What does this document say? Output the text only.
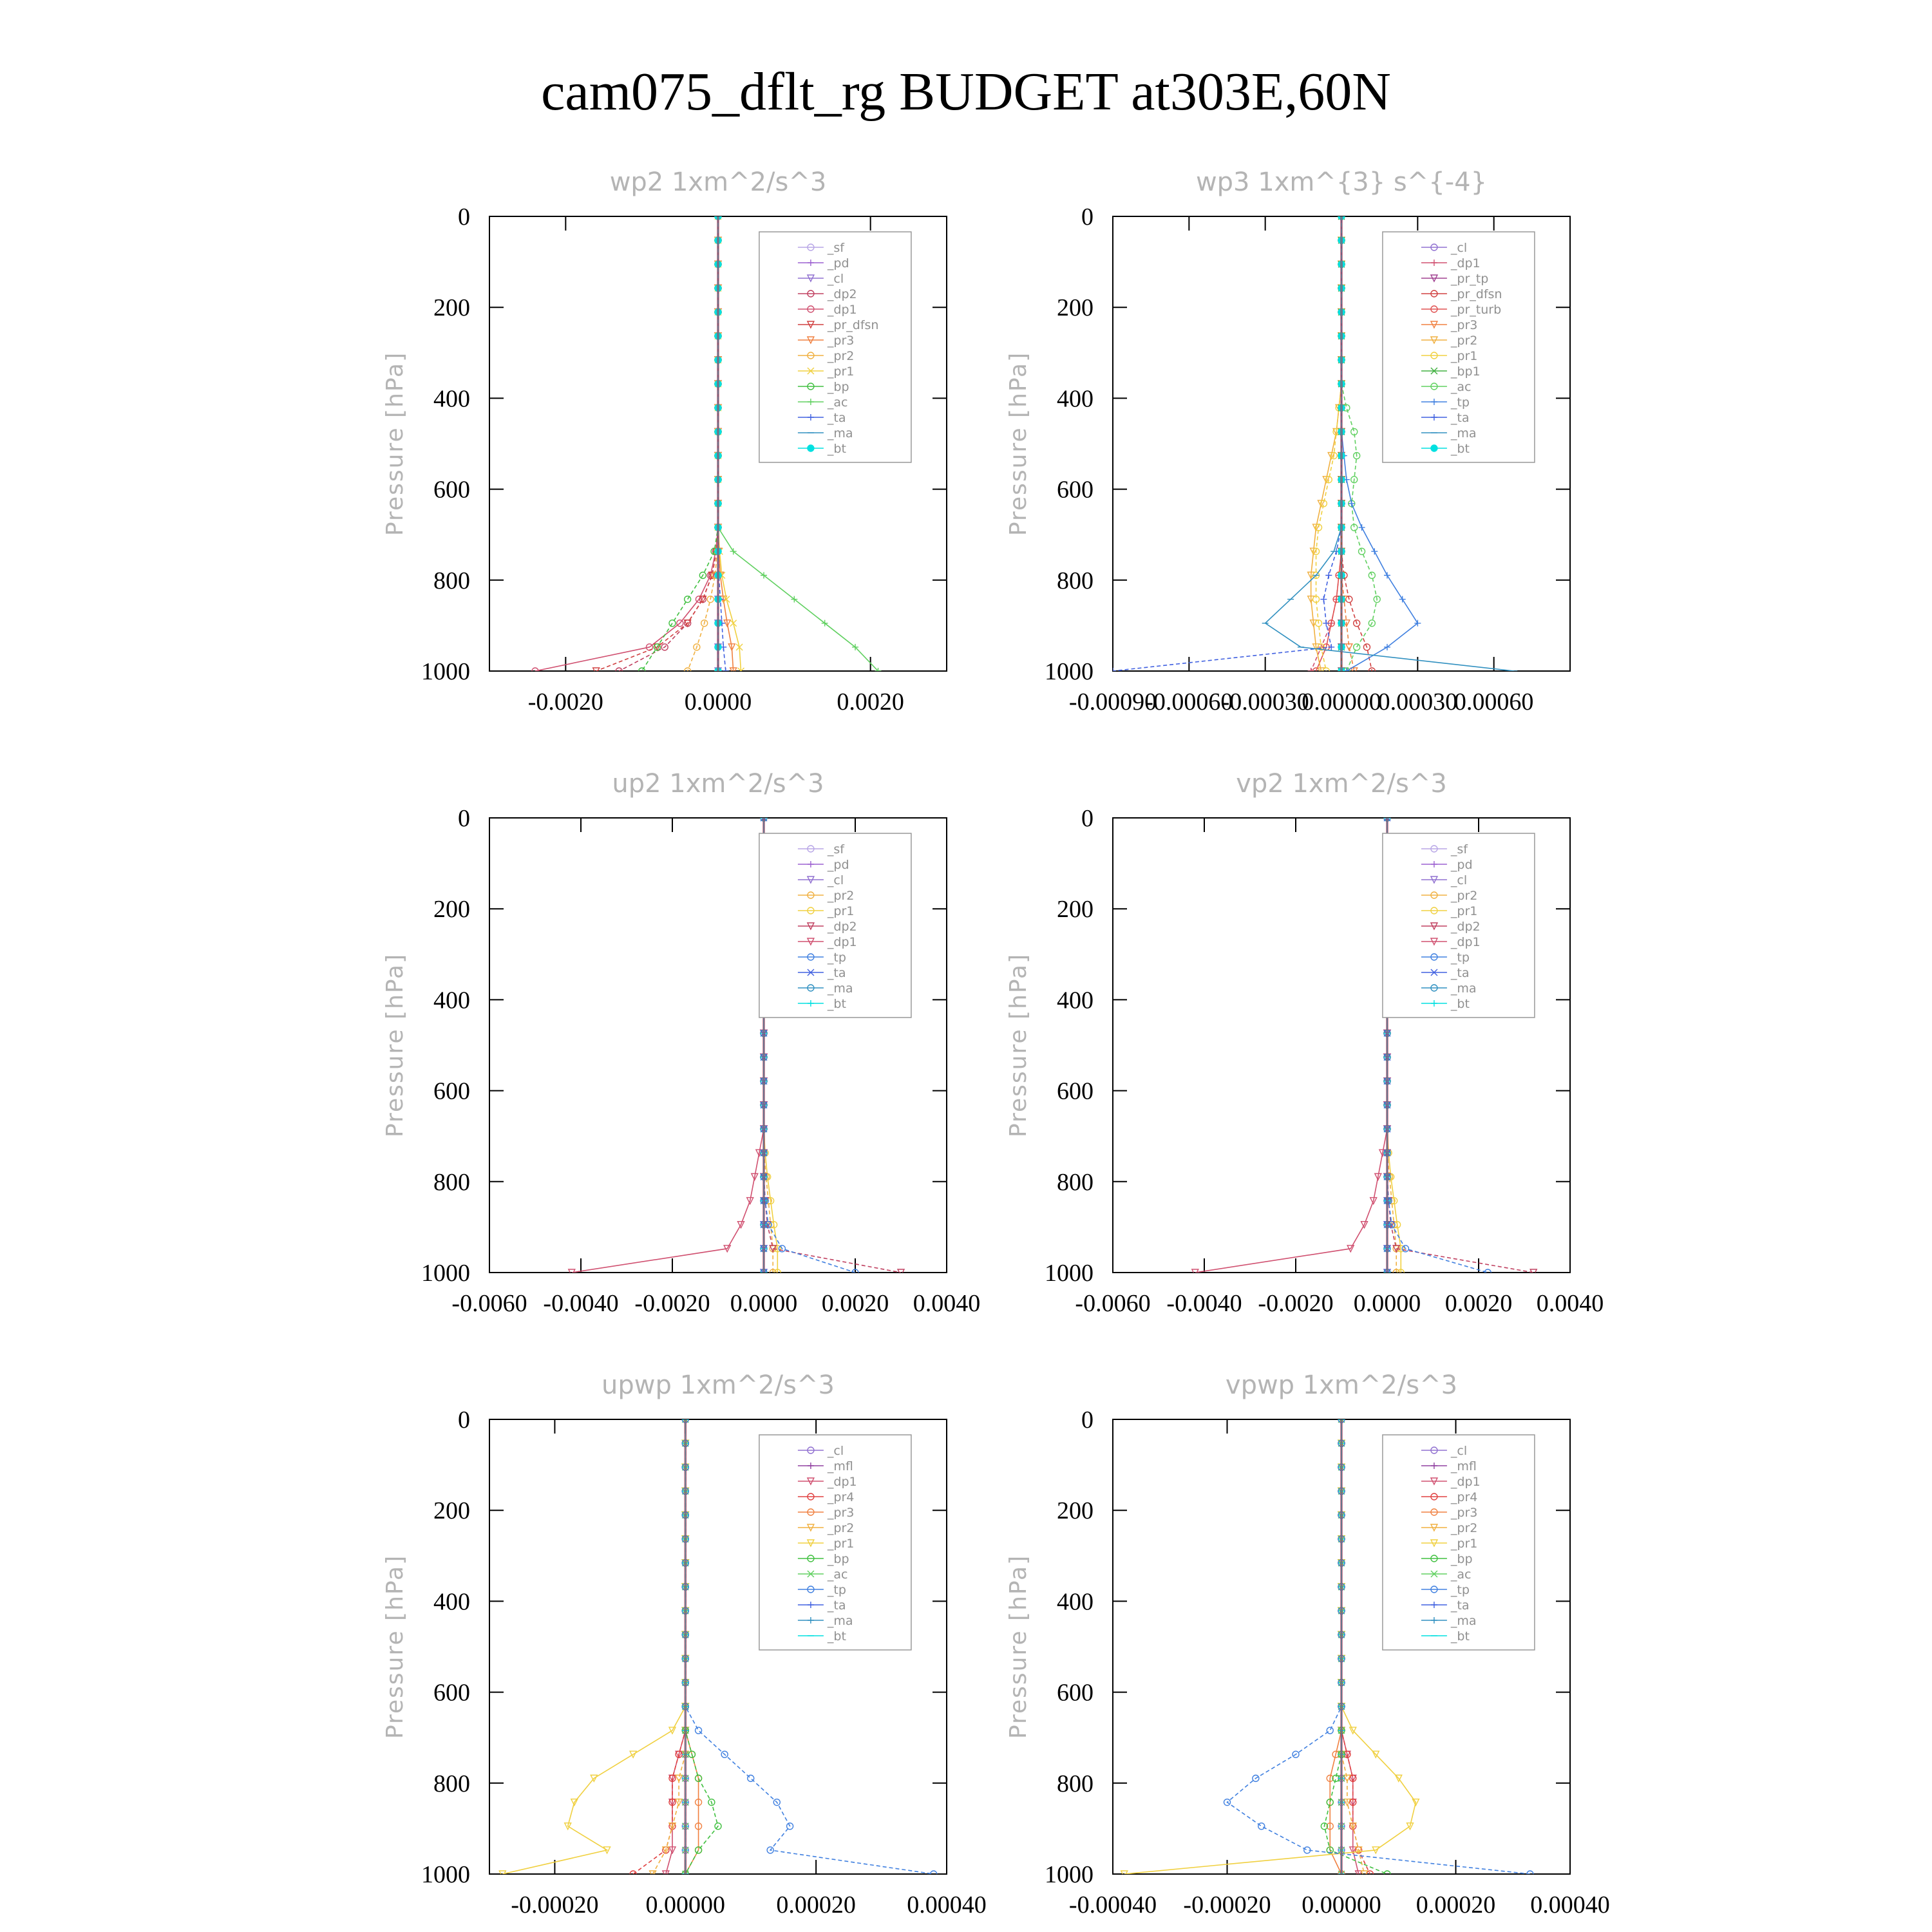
cam075_dflt_rg BUDGET at303E,60N
wp2 1xm^2/s^3
Pressure [hPa]
0
200
400
600
800
1000
-0.0020	0.0000	0.0020
_sf
_pd
_cl
_dp2
_dp1
_pr_dfsn
_pr3
_pr2
_pr1
_bp
_ac
_ta
_ma
_bt
wp3 1xm^{3} s^{-4}
Pressure [hPa]
0
200
400
600
800
1000
-0.00090
-0.00060
-0.00030
0.00000
0.00030
0.00060
_cl
_dp1
_pr_tp
_pr_dfsn
_pr_turb
_pr3
_pr2
_pr1
_bp1
_ac
_tp
_ta
_ma
_bt
up2 1xm^2/s^3
Pressure [hPa]
0
200
400
600
800
1000
-0.0060 -0.0040 -0.0020 0.0000 0.0020 0.0040
_sf
_pd
_cl
_pr2
_pr1
_dp2
_dp1
_tp
_ta
_ma
_bt
vp2 1xm^2/s^3
Pressure [hPa]
0
200
400
600
800
1000
-0.0060 -0.0040 -0.0020 0.0000 0.0020 0.0040
_sf
_pd
_cl
_pr2
_pr1
_dp2
_dp1
_tp
_ta
_ma
_bt
upwp 1xm^2/s^3
Pressure [hPa]
0
200
400
600
800
1000
-0.00020 0.00000 0.00020 0.00040
_cl
_mfl
_dp1
_pr4
_pr3
_pr2
_pr1
_bp
_ac
_tp
_ta
_ma
_bt
vpwp 1xm^2/s^3
Pressure [hPa]
0
200
400
600
800
1000
-0.00040 -0.00020 0.00000 0.00020 0.00040
_cl
_mfl
_dp1
_pr4
_pr3
_pr2
_pr1
_bp
_ac
_tp
_ta
_ma
_bt
